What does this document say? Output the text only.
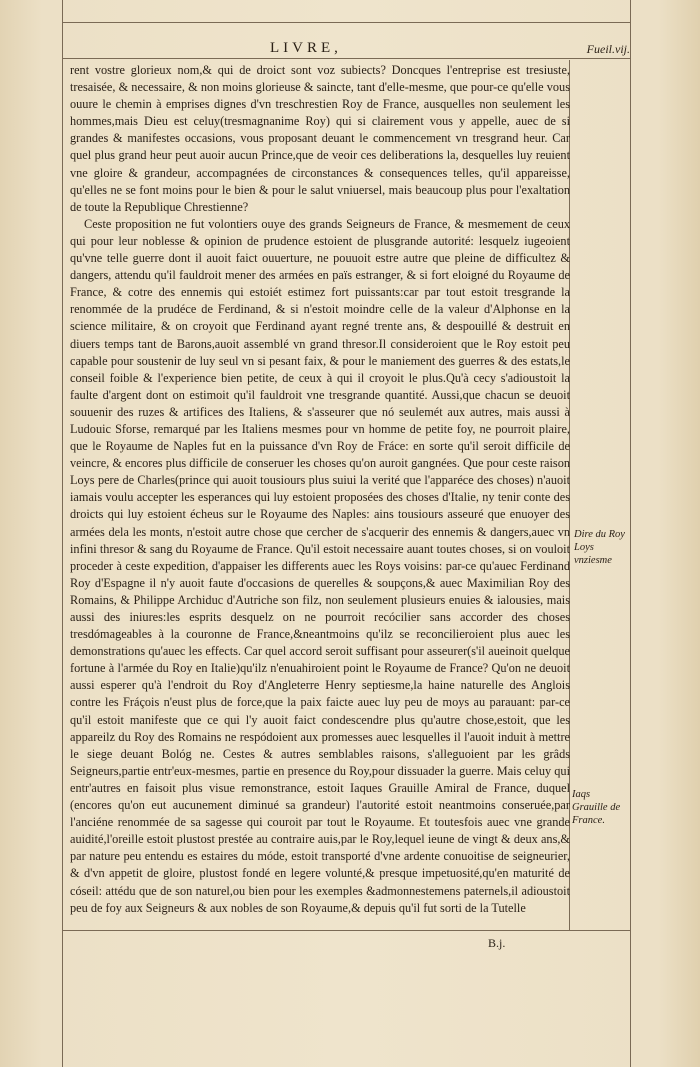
LIVRE,	Fueil.vij.

rent vostre glorieux nom,& qui de droict sont voz subiects? Doncques l'entreprise est tresiuste, tresaisée, & necessaire, & non moins glorieuse & saincte, tant d'elle-mesme, que pour-ce qu'elle vous ouure le chemin à emprises dignes d'vn treschrestien Roy de France, ausquelles non seulement les hommes,mais Dieu est celuy(tresmagnanime Roy) qui si clairement vous y appelle, auec de si grandes & manifestes occasions, vous proposant deuant le commencement vn tresgrand heur. Car quel plus grand heur peut auoir aucun Prince,que de veoir ces deliberations la, desquelles luy reuient vne gloire & grandeur, accompagnées de circonstances & consequences telles, qu'il appareisse, qu'elles ne se font moins pour le bien & pour le salut vniuersel, mais beaucoup plus pour l'exaltation de toute la Republique Chrestienne?

Ceste proposition ne fut volontiers ouye des grands Seigneurs de France, & mesmement de ceux qui pour leur noblesse & opinion de prudence estoient de plusgrande autorité: lesquelz iugeoient qu'vne telle guerre dont il auoit faict ouuerture, ne pouuoit estre autre que pleine de difficultez & dangers, attendu qu'il fauldroit mener des armées en païs estranger, & si fort eloigné du Royaume de France, & cotre des ennemis qui estoiét estimez fort puissants:car par tout estoit tresgrande la renommée de la prudéce de Ferdinand, & si n'estoit moindre celle de la valeur d'Alphonse en la science militaire, & on croyoit que Ferdinand ayant regné trente ans, & despouillé & destruit en diuers temps tant de Barons,auoit assemblé vn grand thresor.Il consideroient que le Roy estoit peu capable pour soustenir de luy seul vn si pesant faix, & pour le maniement des guerres & des estats,le conseil foible & l'experience bien petite, de ceux à qui il croyoit le plus.Qu'à cecy s'adioustoit la faulte d'argent dont on estimoit qu'il fauldroit vne tresgrande quantité. Aussi,que chacun se deuoit souuenir des ruzes & artifices des Italiens, & s'asseurer que nó seulemét aux autres, mais aussi à Ludouic Sforse, remarqué par les Italiens mesmes pour vn homme de petite foy, ne pourroit plaire, que le Royaume de Naples fut en la puissance d'vn Roy de Fráce: en sorte qu'il seroit difficile de veincre, & encores plus difficile de conseruer les choses qu'on auroit gangnées. Que pour ceste raison Loys pere de Charles(prince qui auoit tousiours plus suiui la verité que l'apparéce des choses) n'auoit iamais voulu accepter les esperances qui luy estoient proposées des choses d'Italie, ny tenir conte des droicts qui luy estoient écheus sur le Royaume des Naples: ains tousiours asseuré que enuoyer des armées dela les monts, n'estoit autre chose que cercher de s'acquerir des ennemis & dangers,auec vn infini thresor & sang du Royaume de France. Qu'il estoit necessaire auant toutes choses, si on vouloit proceder à ceste expedition, d'appaiser les differents auec les Roys voisins: par-ce qu'auec Ferdinand Roy d'Espagne il n'y auoit faute d'occasions de querelles & soupçons,& auec Maximilian Roy des Romains, & Philippe Archiduc d'Autriche son filz, non seulement plusieurs enuies & ialousies, mais aussi des iniures:les esprits desquelz on ne pourroit recócilier sans accorder des choses tresdómageables à la couronne de France,&neantmoins qu'ilz se reconcilieroient plus auec les demonstrations qu'auec les effects. Car quel accord seroit suffisant pour asseurer(s'il aueinoit quelque fortune à l'armée du Roy en Italie)qu'ilz n'enuahiroient point le Royaume de France? Qu'on ne deuoit aussi esperer qu'à l'endroit du Roy d'Angleterre Henry septiesme,la haine naturelle des Anglois contre les Fráçois n'eust plus de force,que la paix faicte auec luy peu de moys au parauant: par-ce qu'il estoit manifeste que ce qui l'y auoit faict condescendre plus qu'autre chose,estoit, que les appareilz du Roy des Romains ne respódoient aux promesses auec lesquelles il l'auoit induit à mettre le siege deuant Bológ ne. Cestes & autres semblables raisons, s'alleguoient par les grâds Seigneurs,partie entr'eux-mesmes, partie en presence du Roy,pour dissuader la guerre. Mais celuy qui entr'autres en faisoit plus visue remonstrance, estoit Iaques Grauille Amiral de France, duquel (encores qu'on eut aucunement diminué sa grandeur) l'autorité estoit neantmoins conseruée,par l'anciéne renommée de sa sagesse qui couroit par tout le Royaume. Et toutesfois auec vne grande auidité,l'oreille estoit plustost prestée au contraire auis,par le Roy,lequel ieune de vingt & deux ans,& par nature peu entendu es estaires du móde, estoit transporté d'vne ardente conuoitise de seigneurier, & d'vn appetit de gloire, plustost fondé en legere volunté,& presque impetuosité,qu'en maturité de cóseil: attédu que de son naturel,ou bien pour les exemples &admonnestemens paternels,il adioustoit peu de foy aux Seigneurs & aux nobles de son Royaume,& depuis qu'il fut sorti de la Tutelle

Dire du Roy Loys vnziesme
Iaqs Grauille de France.
B.j.
